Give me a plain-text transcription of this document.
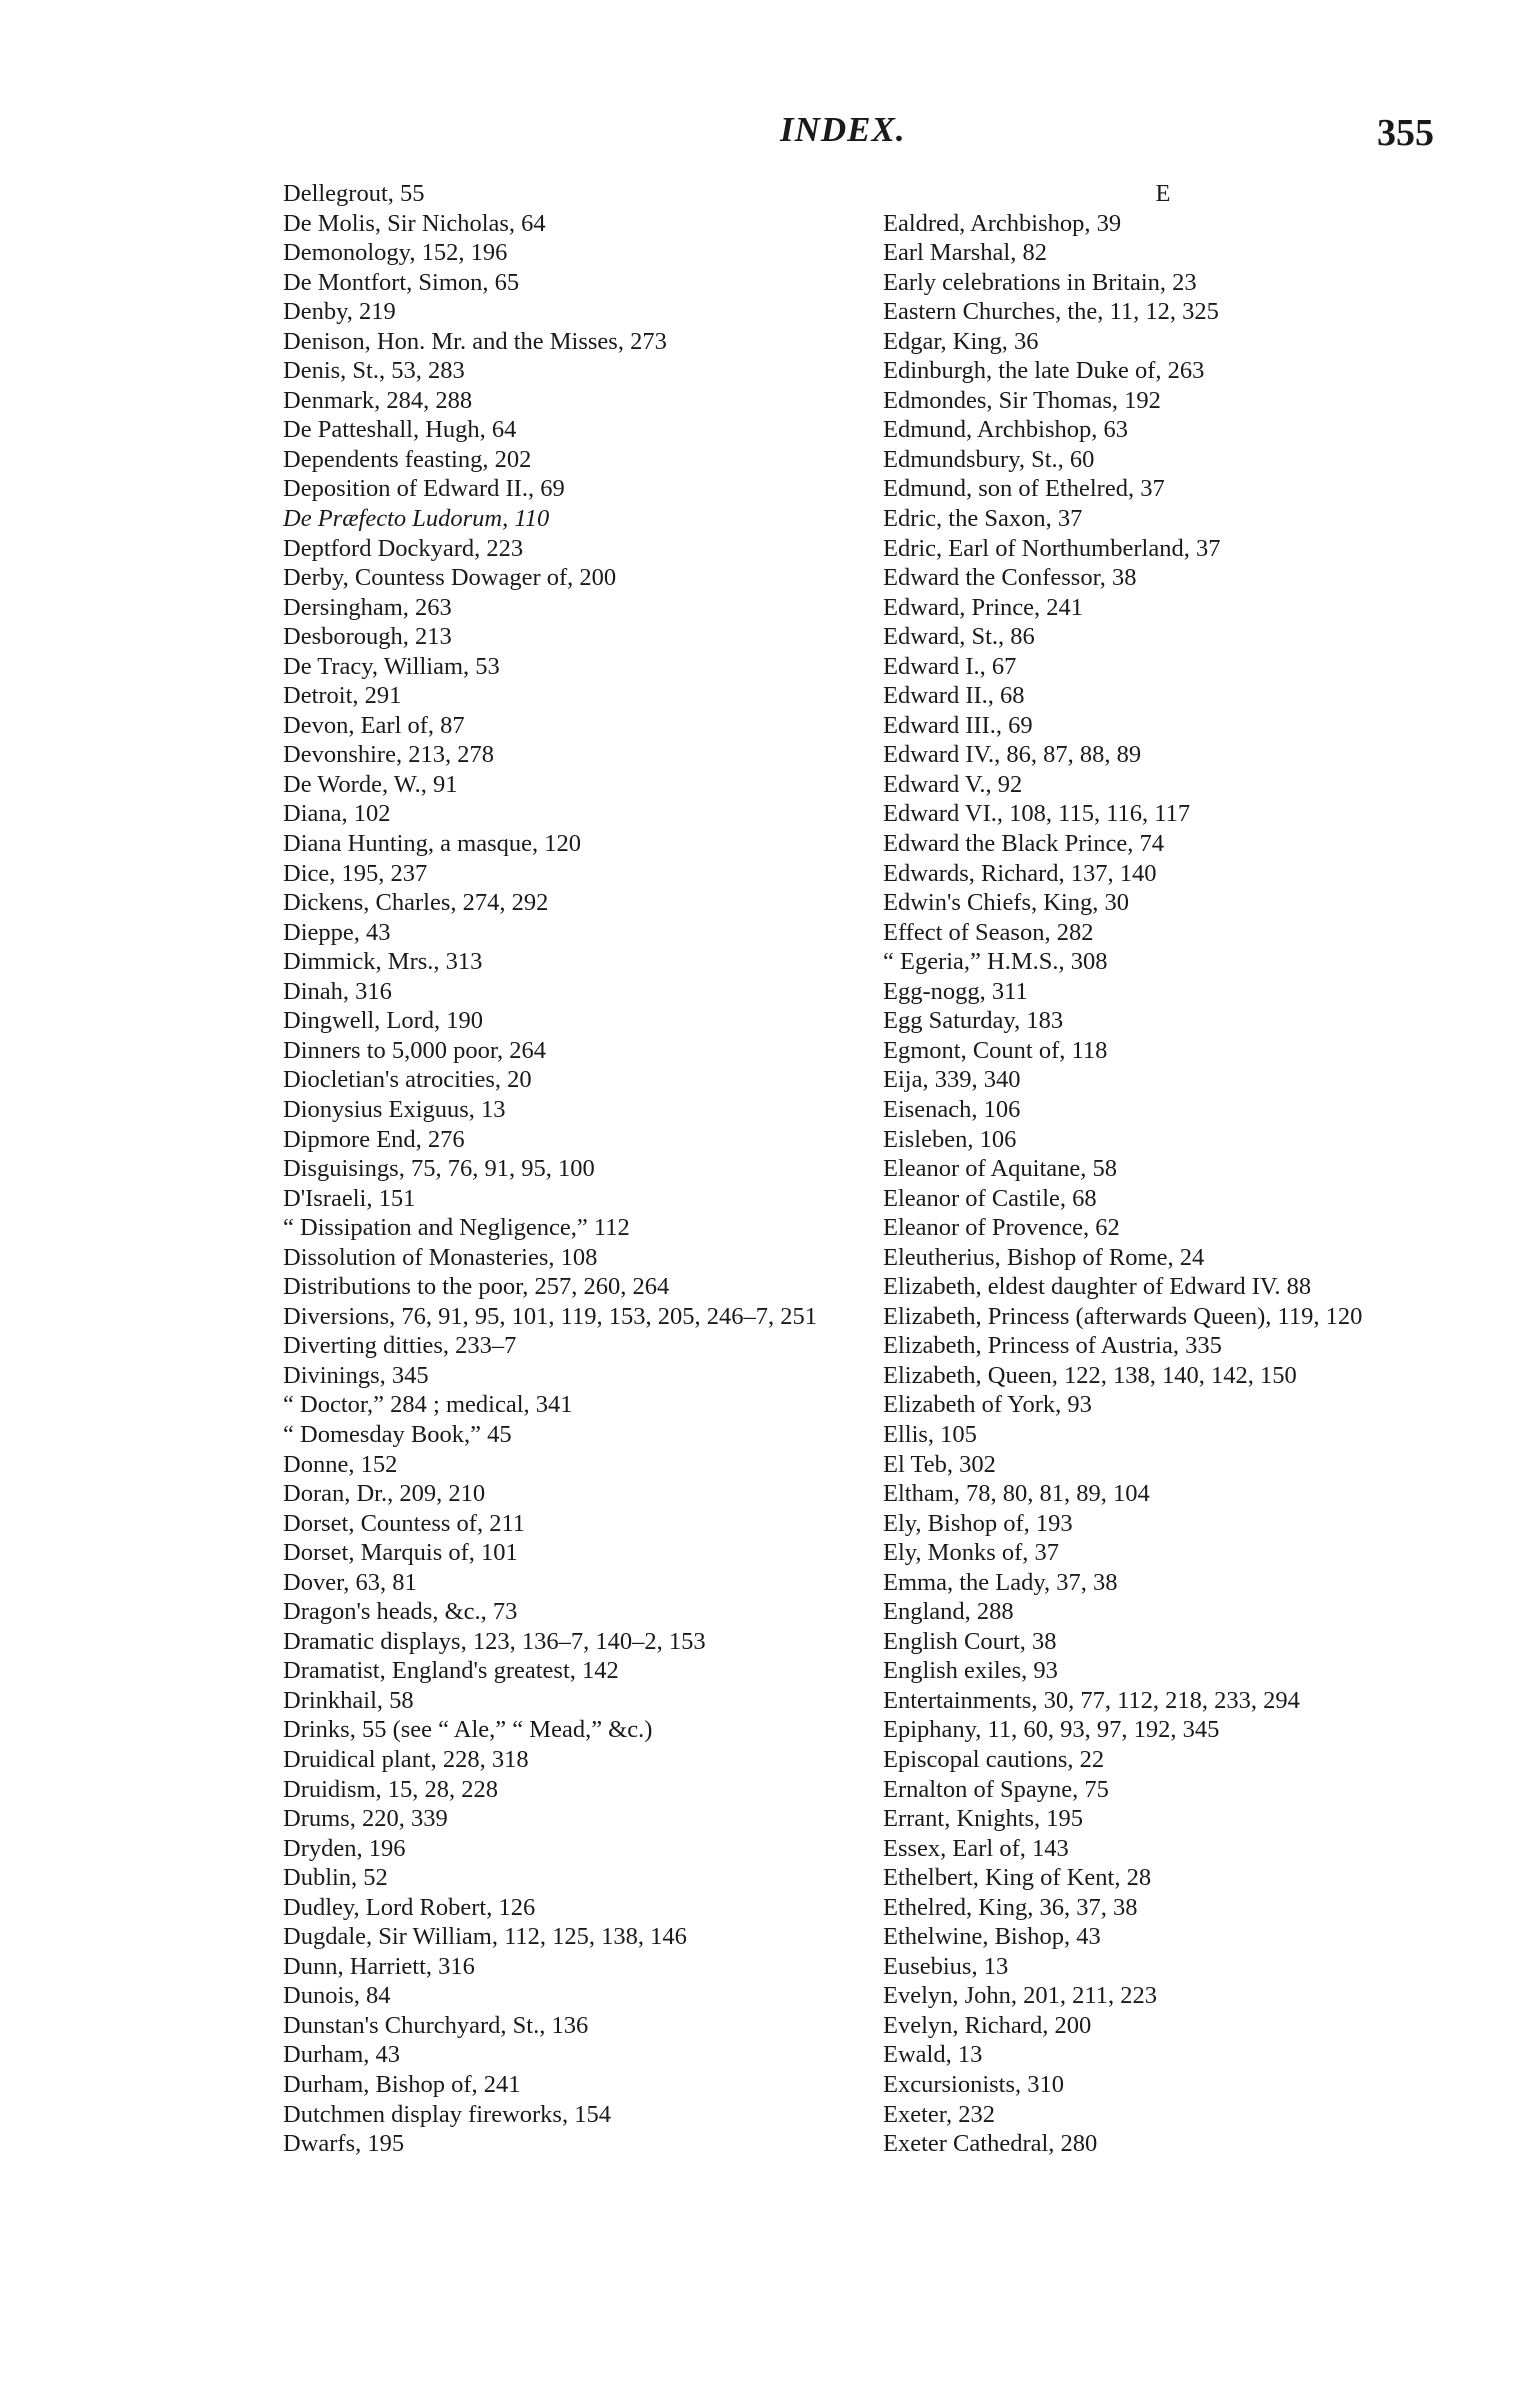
INDEX.	355
Dellegrout, 55
De Molis, Sir Nicholas, 64
Demonology, 152, 196
De Montfort, Simon, 65
Denby, 219
Denison, Hon. Mr. and the Misses, 273
Denis, St., 53, 283
Denmark, 284, 288
De Patteshall, Hugh, 64
Dependents feasting, 202
Deposition of Edward II., 69
De Præfecto Ludorum, 110
Deptford Dockyard, 223
Derby, Countess Dowager of, 200
Dersingham, 263
Desborough, 213
De Tracy, William, 53
Detroit, 291
Devon, Earl of, 87
Devonshire, 213, 278
De Worde, W., 91
Diana, 102
Diana Hunting, a masque, 120
Dice, 195, 237
Dickens, Charles, 274, 292
Dieppe, 43
Dimmick, Mrs., 313
Dinah, 316
Dingwell, Lord, 190
Dinners to 5,000 poor, 264
Diocletian's atrocities, 20
Dionysius Exiguus, 13
Dipmore End, 276
Disguisings, 75, 76, 91, 95, 100
D'Israeli, 151
“ Dissipation and Negligence,” 112
Dissolution of Monasteries, 108
Distributions to the poor, 257, 260, 264
Diversions, 76, 91, 95, 101, 119, 153, 205, 246–7, 251
Diverting ditties, 233–7
Divinings, 345
“ Doctor,” 284 ; medical, 341
“ Domesday Book,” 45
Donne, 152
Doran, Dr., 209, 210
Dorset, Countess of, 211
Dorset, Marquis of, 101
Dover, 63, 81
Dragon's heads, &c., 73
Dramatic displays, 123, 136–7, 140–2, 153
Dramatist, England's greatest, 142
Drinkhail, 58
Drinks, 55 (see “ Ale,” “ Mead,” &c.)
Druidical plant, 228, 318
Druidism, 15, 28, 228
Drums, 220, 339
Dryden, 196
Dublin, 52
Dudley, Lord Robert, 126
Dugdale, Sir William, 112, 125, 138, 146
Dunn, Harriett, 316
Dunois, 84
Dunstan's Churchyard, St., 136
Durham, 43
Durham, Bishop of, 241
Dutchmen display fireworks, 154
Dwarfs, 195
E
Ealdred, Archbishop, 39
Earl Marshal, 82
Early celebrations in Britain, 23
Eastern Churches, the, 11, 12, 325
Edgar, King, 36
Edinburgh, the late Duke of, 263
Edmondes, Sir Thomas, 192
Edmund, Archbishop, 63
Edmundsbury, St., 60
Edmund, son of Ethelred, 37
Edric, the Saxon, 37
Edric, Earl of Northumberland, 37
Edward the Confessor, 38
Edward, Prince, 241
Edward, St., 86
Edward I., 67
Edward II., 68
Edward III., 69
Edward IV., 86, 87, 88, 89
Edward V., 92
Edward VI., 108, 115, 116, 117
Edward the Black Prince, 74
Edwards, Richard, 137, 140
Edwin's Chiefs, King, 30
Effect of Season, 282
“ Egeria,” H.M.S., 308
Egg-nogg, 311
Egg Saturday, 183
Egmont, Count of, 118
Eija, 339, 340
Eisenach, 106
Eisleben, 106
Eleanor of Aquitane, 58
Eleanor of Castile, 68
Eleanor of Provence, 62
Eleutherius, Bishop of Rome, 24
Elizabeth, eldest daughter of Edward IV. 88
Elizabeth, Princess (afterwards Queen), 119, 120
Elizabeth, Princess of Austria, 335
Elizabeth, Queen, 122, 138, 140, 142, 150
Elizabeth of York, 93
Ellis, 105
El Teb, 302
Eltham, 78, 80, 81, 89, 104
Ely, Bishop of, 193
Ely, Monks of, 37
Emma, the Lady, 37, 38
England, 288
English Court, 38
English exiles, 93
Entertainments, 30, 77, 112, 218, 233, 294
Epiphany, 11, 60, 93, 97, 192, 345
Episcopal cautions, 22
Ernalton of Spayne, 75
Errant, Knights, 195
Essex, Earl of, 143
Ethelbert, King of Kent, 28
Ethelred, King, 36, 37, 38
Ethelwine, Bishop, 43
Eusebius, 13
Evelyn, John, 201, 211, 223
Evelyn, Richard, 200
Ewald, 13
Excursionists, 310
Exeter, 232
Exeter Cathedral, 280
